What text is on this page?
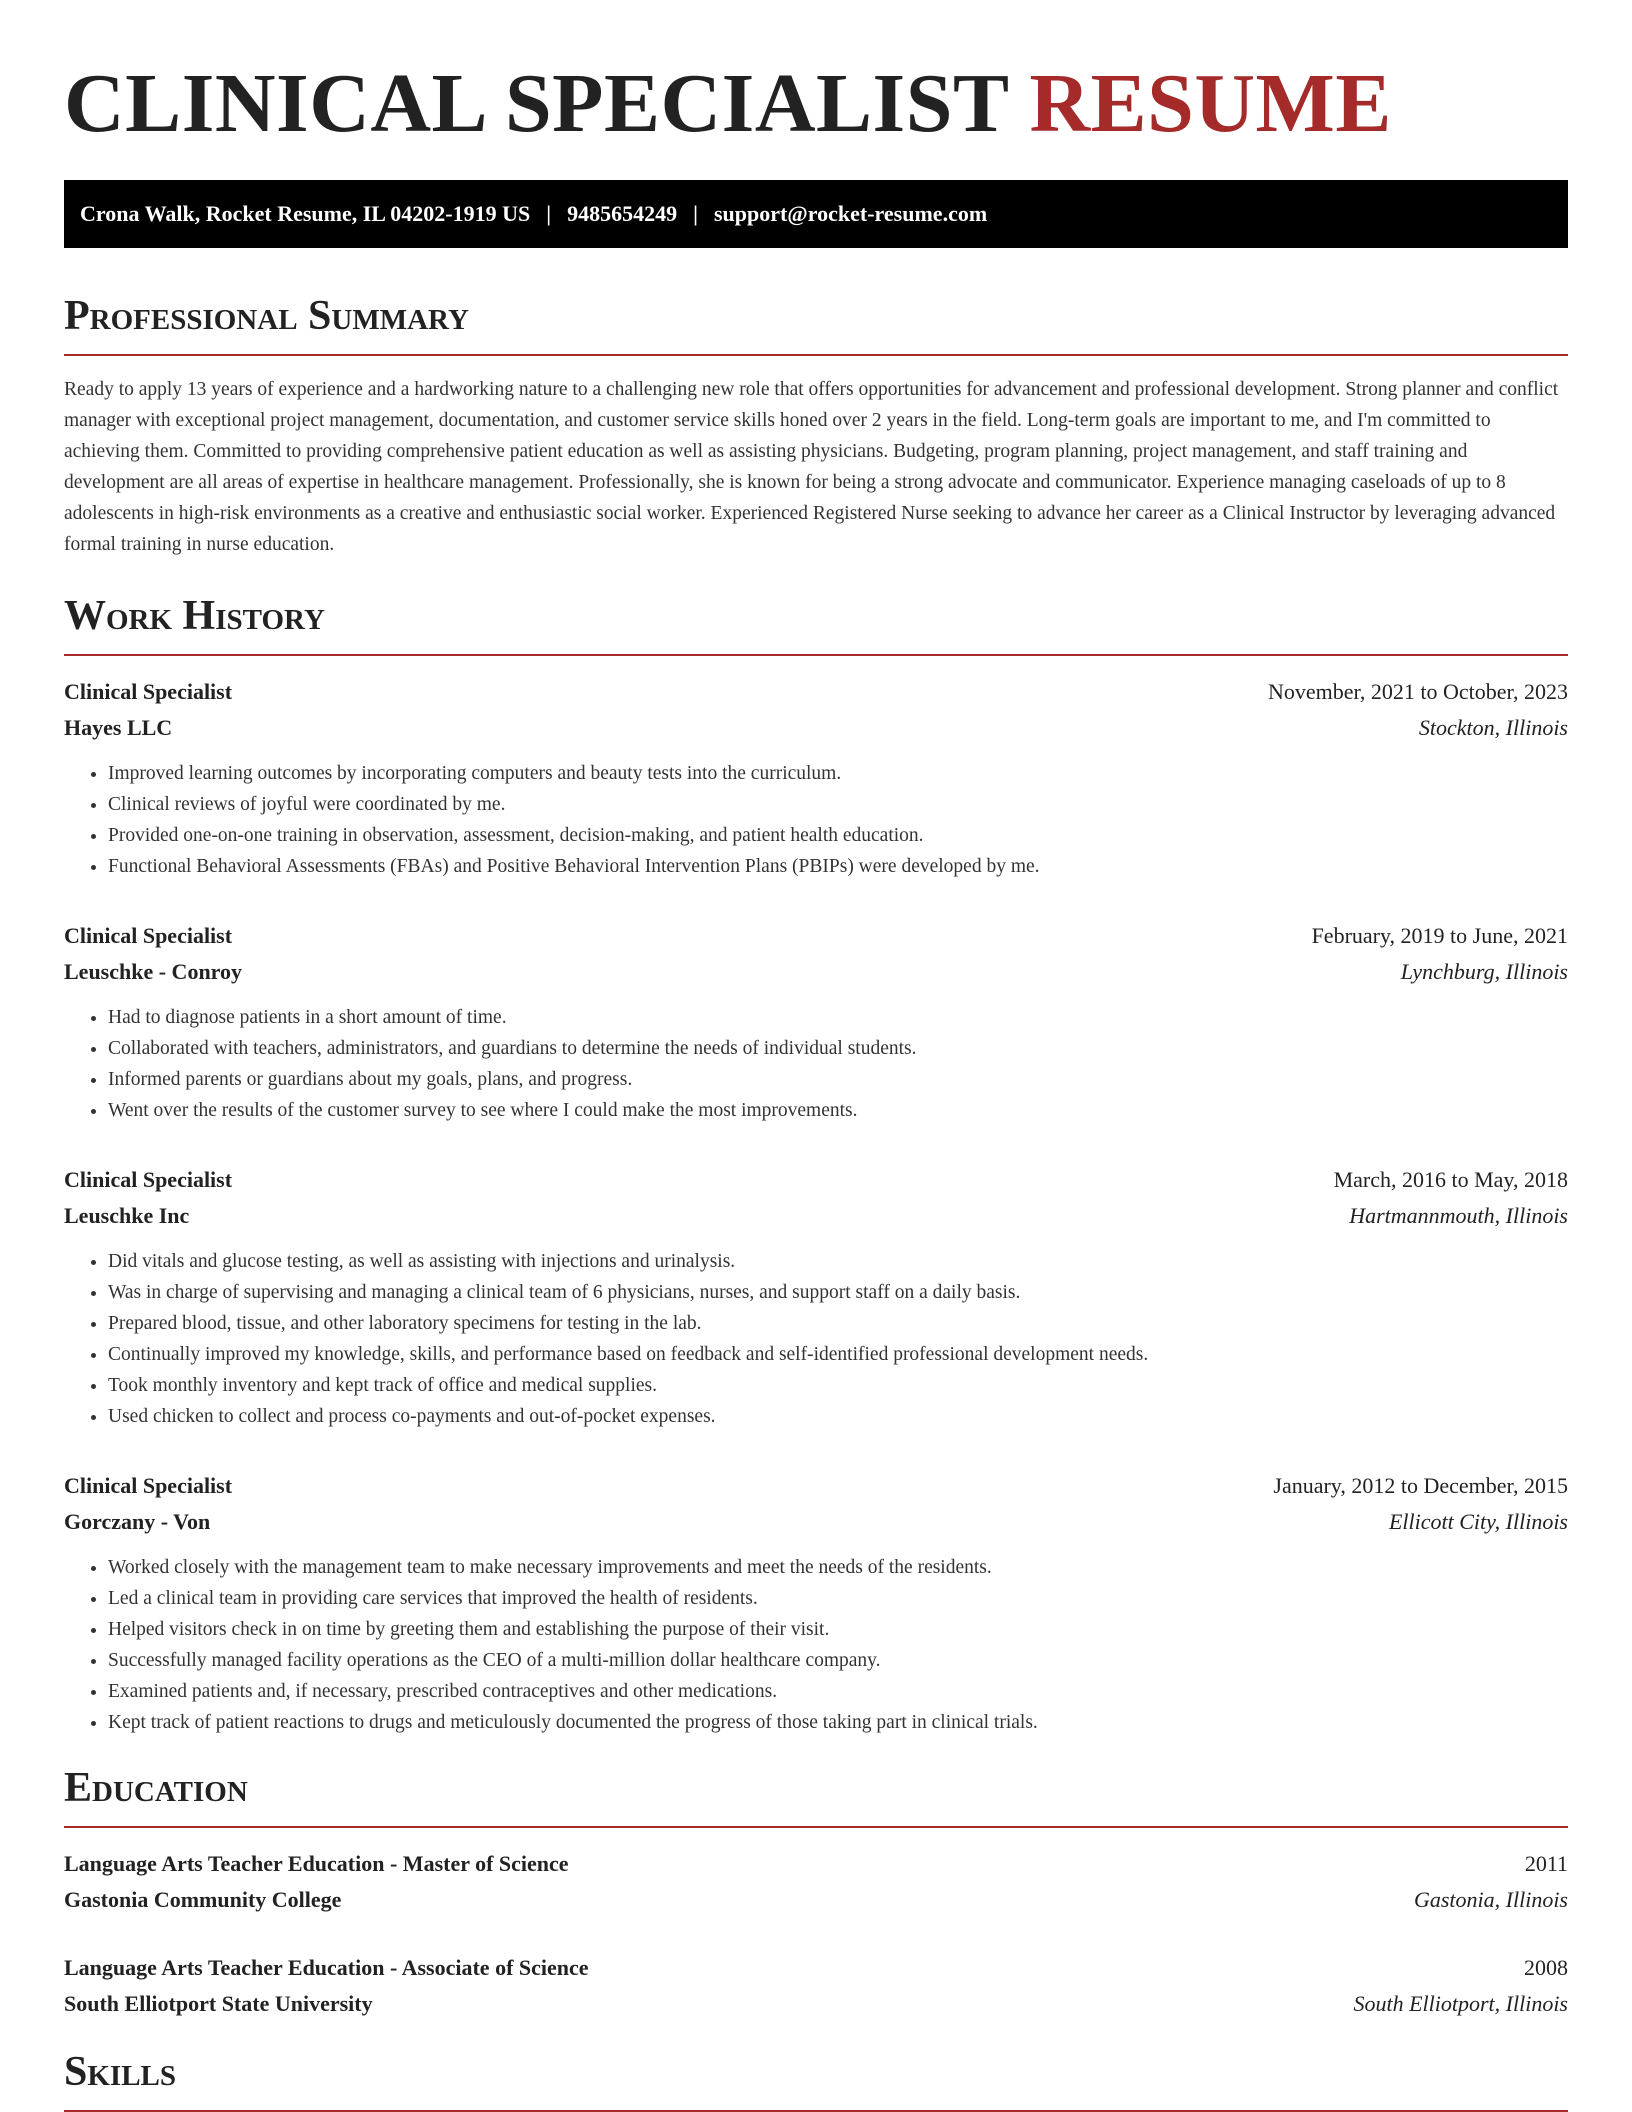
CLINICAL SPECIALIST RESUME
Crona Walk, Rocket Resume, IL 04202-1919 US | 9485654249 | support@rocket-resume.com
Professional Summary

Ready to apply 13 years of experience and a hardworking nature to a challenging new role that offers opportunities for advancement and professional development. Strong planner and conflict manager with exceptional project management, documentation, and customer service skills honed over 2 years in the field. Long-term goals are important to me, and I'm committed to achieving them. Committed to providing comprehensive patient education as well as assisting physicians. Budgeting, program planning, project management, and staff training and development are all areas of expertise in healthcare management. Professionally, she is known for being a strong advocate and communicator. Experience managing caseloads of up to 8 adolescents in high-risk environments as a creative and enthusiastic social worker. Experienced Registered Nurse seeking to advance her career as a Clinical Instructor by leveraging advanced formal training in nurse education.

Work History
Clinical Specialist	November, 2021 to October, 2023
Hayes LLC	Stockton, Illinois
• Improved learning outcomes by incorporating computers and beauty tests into the curriculum.
• Clinical reviews of joyful were coordinated by me.
• Provided one-on-one training in observation, assessment, decision-making, and patient health education.
• Functional Behavioral Assessments (FBAs) and Positive Behavioral Intervention Plans (PBIPs) were developed by me.
Clinical Specialist	February, 2019 to June, 2021
Leuschke - Conroy	Lynchburg, Illinois
• Had to diagnose patients in a short amount of time.
• Collaborated with teachers, administrators, and guardians to determine the needs of individual students.
• Informed parents or guardians about my goals, plans, and progress.
• Went over the results of the customer survey to see where I could make the most improvements.
Clinical Specialist	March, 2016 to May, 2018
Leuschke Inc	Hartmannmouth, Illinois
• Did vitals and glucose testing, as well as assisting with injections and urinalysis.
• Was in charge of supervising and managing a clinical team of 6 physicians, nurses, and support staff on a daily basis.
• Prepared blood, tissue, and other laboratory specimens for testing in the lab.
• Continually improved my knowledge, skills, and performance based on feedback and self-identified professional development needs.
• Took monthly inventory and kept track of office and medical supplies.
• Used chicken to collect and process co-payments and out-of-pocket expenses.
Clinical Specialist	January, 2012 to December, 2015
Gorczany - Von	Ellicott City, Illinois
• Worked closely with the management team to make necessary improvements and meet the needs of the residents.
• Led a clinical team in providing care services that improved the health of residents.
• Helped visitors check in on time by greeting them and establishing the purpose of their visit.
• Successfully managed facility operations as the CEO of a multi-million dollar healthcare company.
• Examined patients and, if necessary, prescribed contraceptives and other medications.
• Kept track of patient reactions to drugs and meticulously documented the progress of those taking part in clinical trials.
Education
Language Arts Teacher Education - Master of Science	2011
Gastonia Community College	Gastonia, Illinois
Language Arts Teacher Education - Associate of Science	2008
South Elliotport State University	South Elliotport, Illinois
Skills
